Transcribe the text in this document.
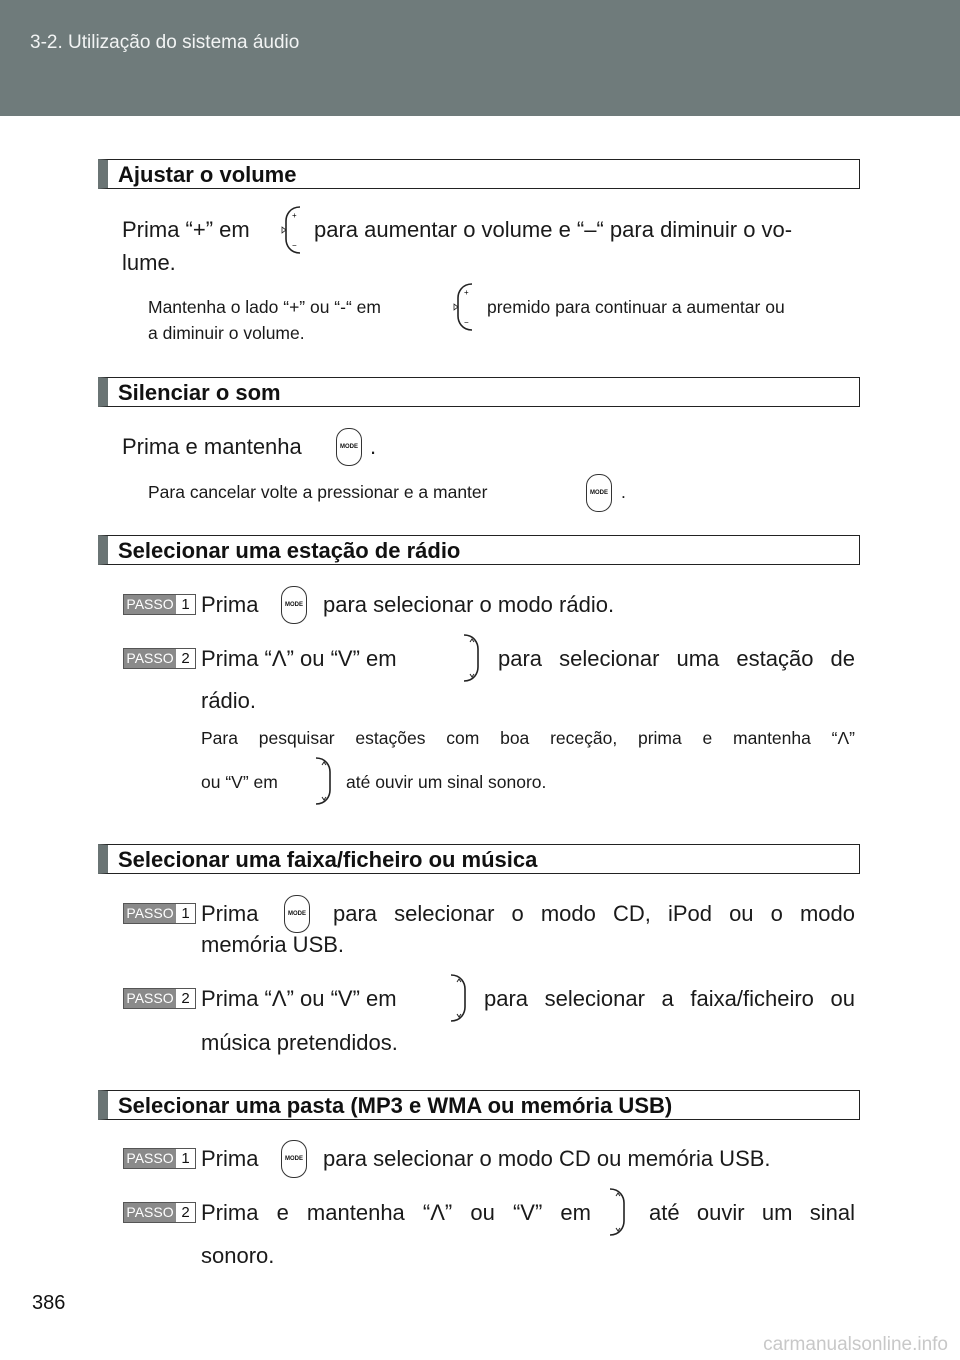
3-2. Utilização do sistema áudio
Ajustar o volume
Prima “+” em	para aumentar o volume e “–“ para diminuir o vo-
lume.
Mantenha o lado “+” ou “-“ em	premido para continuar a aumentar ou
a diminuir o volume.
Silenciar o som
Prima e mantenha	MODE .
Para cancelar volte a pressionar e a manter	MODE .
Selecionar uma estação de rádio
PASSO 1 Prima	MODE para selecionar o modo rádio.
PASSO 2 Prima “Λ” ou “V” em	para selecionar uma estação de
rádio.
Para pesquisar estações com boa receção, prima e mantenha “Λ”
ou “V” em	até ouvir um sinal sonoro.
Selecionar uma faixa/ficheiro ou música
PASSO 1 Prima	MODE para selecionar o modo CD, iPod ou o modo
memória USB.
PASSO 2 Prima “Λ” ou “V” em	para selecionar a faixa/ficheiro ou
música pretendidos.
Selecionar uma pasta (MP3 e WMA ou memória USB)
PASSO 1 Prima	MODE para selecionar o modo CD ou memória USB.
PASSO 2 Prima e mantenha “Λ” ou “V” em	até ouvir um sinal
sonoro.
386
carmanualsonline.info
